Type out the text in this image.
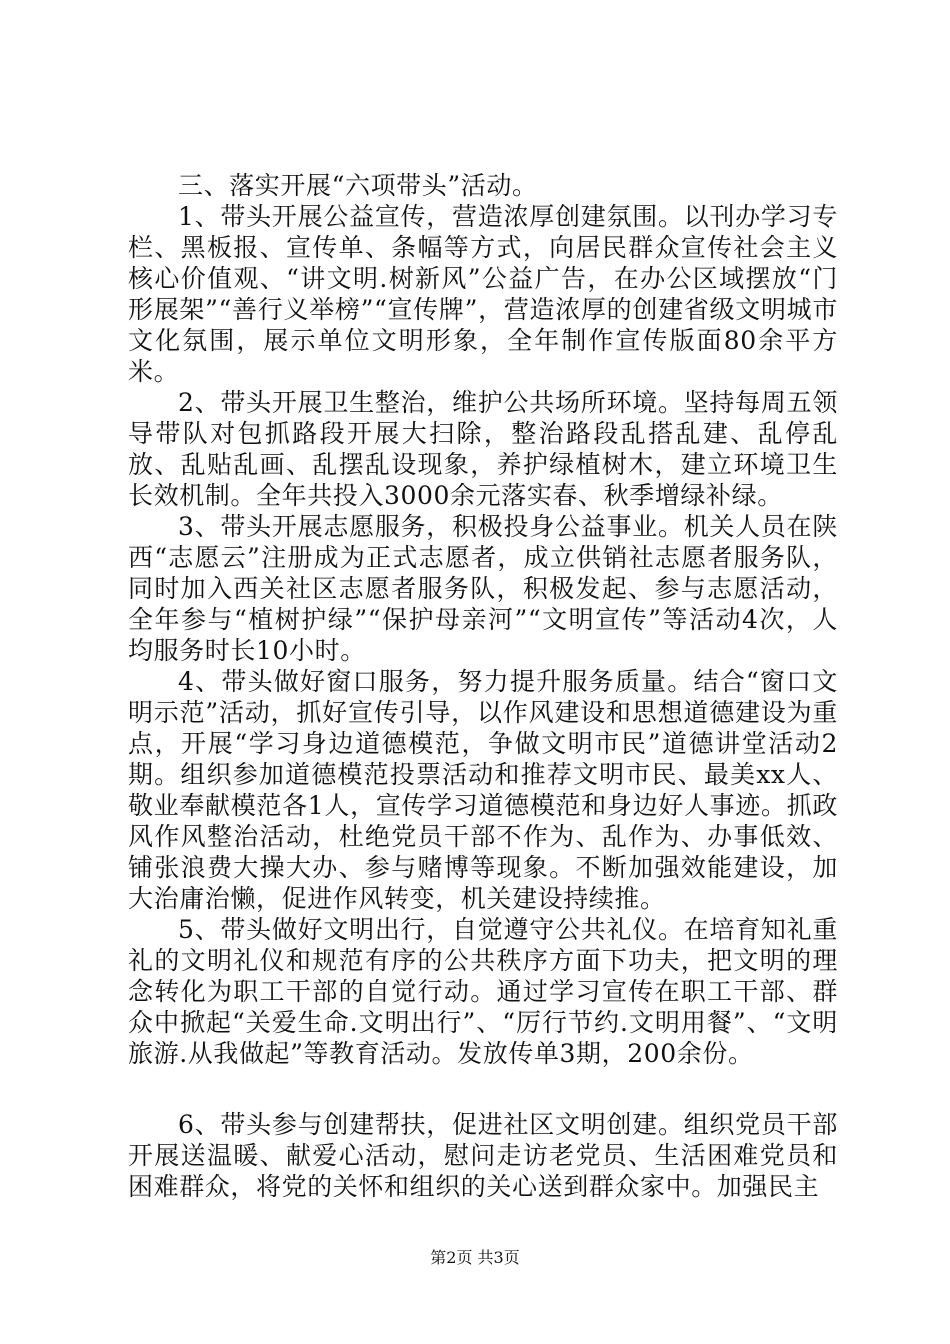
三、落实开展“六项带头”活动。

1、带头开展公益宣传，营造浓厚创建氛围。以刊办学习专栏、黑板报、宣传单、条幅等方式，向居民群众宣传社会主义核心价值观、“讲文明.树新风”公益广告，在办公区域摆放“门形展架”“善行义举榜”“宣传牌”，营造浓厚的创建省级文明城市文化氛围，展示单位文明形象，全年制作宣传版面80余平方米。

2、带头开展卫生整治，维护公共场所环境。坚持每周五领导带队对包抓路段开展大扫除，整治路段乱搭乱建、乱停乱放、乱贴乱画、乱摆乱设现象，养护绿植树木，建立环境卫生长效机制。全年共投入3000余元落实春、秋季增绿补绿。

3、带头开展志愿服务，积极投身公益事业。机关人员在陕西“志愿云”注册成为正式志愿者，成立供销社志愿者服务队，同时加入西关社区志愿者服务队，积极发起、参与志愿活动，全年参与“植树护绿”“保护母亲河”“文明宣传”等活动4次，人均服务时长10小时。

4、带头做好窗口服务，努力提升服务质量。结合“窗口文明示范”活动，抓好宣传引导，以作风建设和思想道德建设为重点，开展“学习身边道德模范，争做文明市民”道德讲堂活动2期。组织参加道德模范投票活动和推荐文明市民、最美xx人、敬业奉献模范各1人，宣传学习道德模范和身边好人事迹。抓政风作风整治活动，杜绝党员干部不作为、乱作为、办事低效、铺张浪费大操大办、参与赌博等现象。不断加强效能建设，加大治庸治懒，促进作风转变，机关建设持续推。

5、带头做好文明出行，自觉遵守公共礼仪。在培育知礼重礼的文明礼仪和规范有序的公共秩序方面下功夫，把文明的理念转化为职工干部的自觉行动。通过学习宣传在职工干部、群众中掀起“关爱生命.文明出行”、“厉行节约.文明用餐”、“文明旅游.从我做起”等教育活动。发放传单3期，200余份。

6、带头参与创建帮扶，促进社区文明创建。组织党员干部开展送温暖、献爱心活动，慰问走访老党员、生活困难党员和困难群众，将党的关怀和组织的关心送到群众家中。加强民主

第2页 共3页
